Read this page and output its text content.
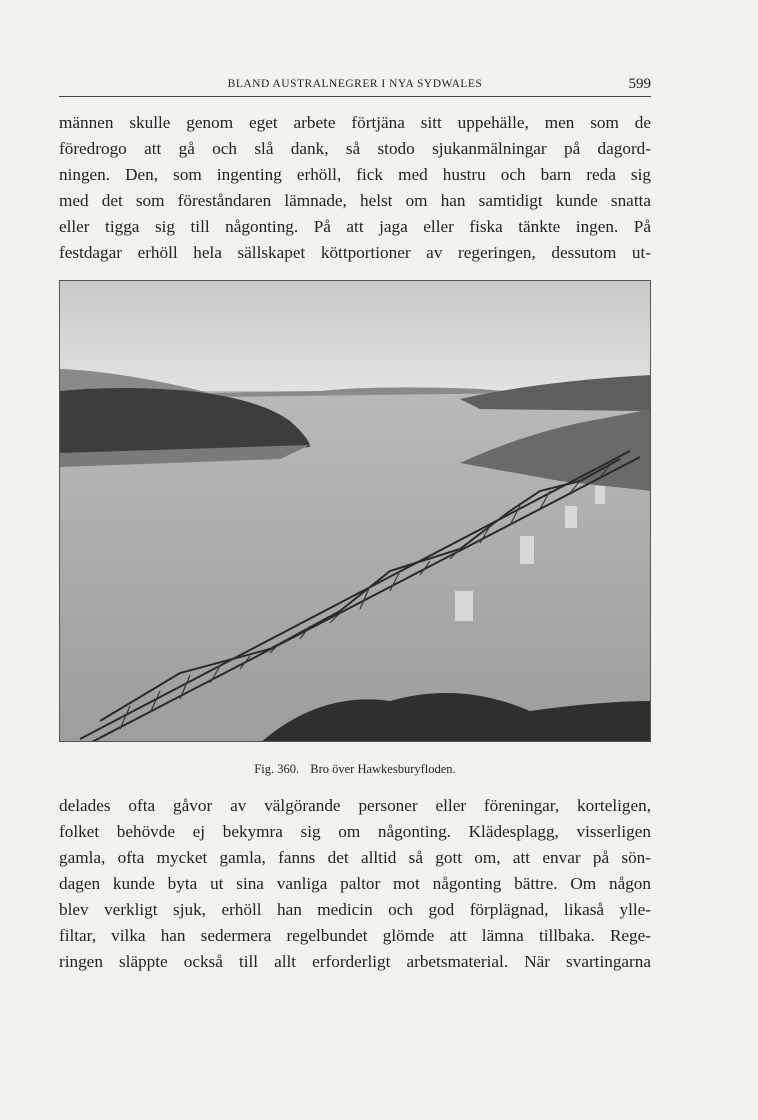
BLAND AUSTRALNEGRER I NYA SYDWALES	599
männen skulle genom eget arbete förtjäna sitt uppehälle, men som de
föredrogo att gå och slå dank, så stodo sjukanmälningar på dagord-
ningen. Den, som ingenting erhöll, fick med hustru och barn reda sig
med det som föreståndaren lämnade, helst om han samtidigt kunde snatta
eller tigga sig till någonting. På att jaga eller fiska tänkte ingen. På
festdagar erhöll hela sällskapet köttportioner av regeringen, dessutom ut-
Fig. 360. Bro över Hawkesburyfloden.
delades ofta gåvor av välgörande personer eller föreningar, korteligen,
folket behövde ej bekymra sig om någonting. Klädesplagg, visserligen
gamla, ofta mycket gamla, fanns det alltid så gott om, att envar på sön-
dagen kunde byta ut sina vanliga paltor mot någonting bättre. Om någon
blev verkligt sjuk, erhöll han medicin och god förplägnad, likaså ylle-
filtar, vilka han sedermera regelbundet glömde att lämna tillbaka. Rege-
ringen släppte också till allt erforderligt arbetsmaterial. När svartingarna
